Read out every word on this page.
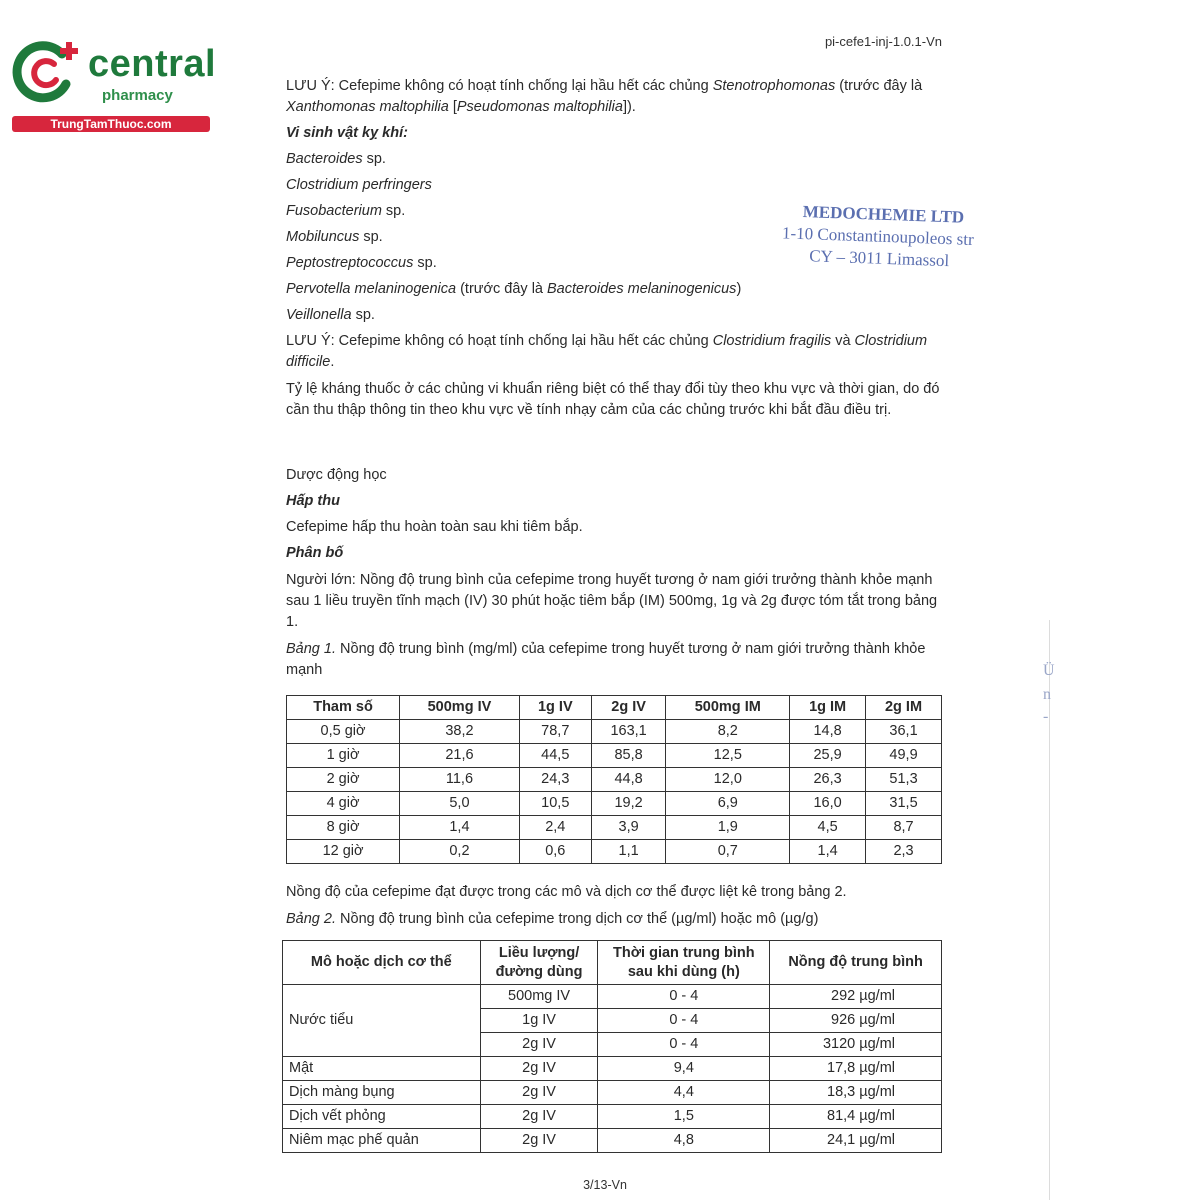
central
pharmacy
TrungTamThuoc.com
pi-cefe1-inj-1.0.1-Vn
MEDOCHEMIE LTD
1-10 Constantinoupoleos str
CY – 3011 Limassol
Ü
n
-

LƯU Ý: Cefepime không có hoạt tính chống lại hầu hết các chủng Stenotrophomonas (trước đây là Xanthomonas maltophilia [Pseudomonas maltophilia]).

Vi sinh vật kỵ khí:

Bacteroides sp.

Clostridium perfringers

Fusobacterium sp.

Mobiluncus sp.

Peptostreptococcus sp.

Pervotella melaninogenica (trước đây là Bacteroides melaninogenicus)

Veillonella sp.

LƯU Ý: Cefepime không có hoạt tính chống lại hầu hết các chủng Clostridium fragilis và Clostridium difficile.

Tỷ lệ kháng thuốc ở các chủng vi khuẩn riêng biệt có thể thay đổi tùy theo khu vực và thời gian, do đó cần thu thập thông tin theo khu vực về tính nhạy cảm của các chủng trước khi bắt đầu điều trị.

Dược động học

Hấp thu

Cefepime hấp thu hoàn toàn sau khi tiêm bắp.

Phân bố

Người lớn: Nồng độ trung bình của cefepime trong huyết tương ở nam giới trưởng thành khỏe mạnh sau 1 liều truyền tĩnh mạch (IV) 30 phút hoặc tiêm bắp (IM) 500mg, 1g và 2g được tóm tắt trong bảng 1.

Bảng 1. Nồng độ trung bình (mg/ml) của cefepime trong huyết tương ở nam giới trưởng thành khỏe mạnh

Tham số	500mg IV	1g IV	2g IV	500mg IM	1g IM	2g IM
0,5 giờ	38,2	78,7	163,1	8,2	14,8	36,1
1 giờ	21,6	44,5	85,8	12,5	25,9	49,9
2 giờ	11,6	24,3	44,8	12,0	26,3	51,3
4 giờ	5,0	10,5	19,2	6,9	16,0	31,5
8 giờ	1,4	2,4	3,9	1,9	4,5	8,7
12 giờ	0,2	0,6	1,1	0,7	1,4	2,3

Nồng độ của cefepime đạt được trong các mô và dịch cơ thể được liệt kê trong bảng 2.

Bảng 2. Nồng độ trung bình của cefepime trong dịch cơ thể (µg/ml) hoặc mô (µg/g)

Mô hoặc dịch cơ thể	Liều lượng/ đường dùng	Thời gian trung bình sau khi dùng (h)	Nồng độ trung bình
Nước tiểu	500mg IV	0 - 4	292 µg/ml
	1g IV	0 - 4	926 µg/ml
	2g IV	0 - 4	3120 µg/ml
Mật	2g IV	9,4	17,8 µg/ml
Dịch màng bụng	2g IV	4,4	18,3 µg/ml
Dịch vết phỏng	2g IV	1,5	81,4 µg/ml
Niêm mạc phế quản	2g IV	4,8	24,1 µg/ml
3/13-Vn
